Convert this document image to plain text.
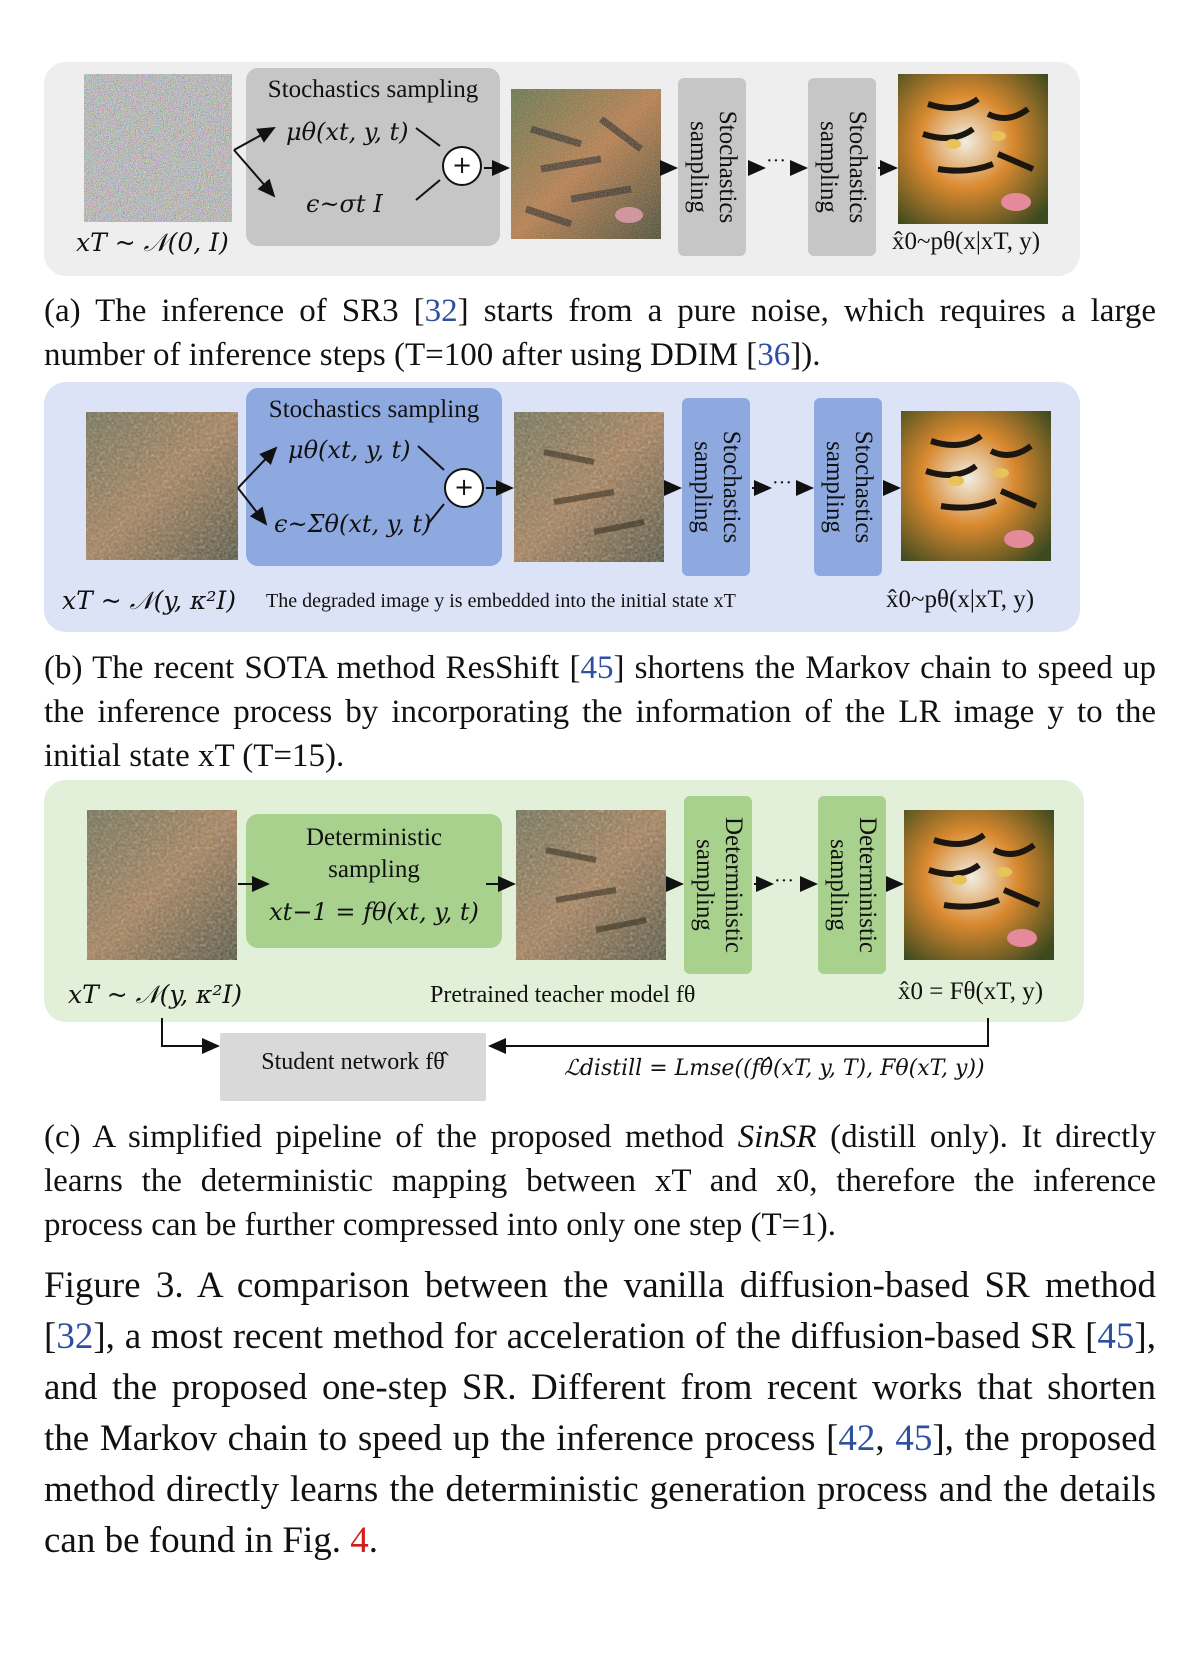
Stochastics sampling
μθ(xt, y, t)
ϵ~σt I
+	Stochastics sampling	···	Stochastics sampling
xT ~ 𝒩(0, I)	x̂0~pθ(x|xT, y)
(a) The inference of SR3 [32] starts from a pure noise, which requires a large number of inference steps (T=100 after using DDIM [36]).
Stochastics sampling
μθ(xt, y, t)
ϵ~Σθ(xt, y, t)
+	Stochastics sampling	···	Stochastics sampling
xT ~ 𝒩(y, κ²I) The degraded image y is embedded into the initial state xT	x̂0~pθ(x|xT, y)
(b) The recent SOTA method ResShift [45] shortens the Markov chain to speed up the inference process by incorporating the information of the LR image y to the initial state xT (T=15).
Deterministic
sampling
xt−1 = fθ(xt, y, t)	Deterministic sampling	···	Deterministic sampling
xT ~ 𝒩(y, κ²I)	Pretrained teacher model fθ	x̂0 = Fθ(xT, y)
Student network fθ̂	ℒdistill = Lmse((fθ̂(xT, y, T), Fθ(xT, y))
(c) A simplified pipeline of the proposed method SinSR (distill only). It directly learns the deterministic mapping between xT and x0, therefore the inference process can be further compressed into only one step (T=1).
Figure 3. A comparison between the vanilla diffusion-based SR method [32], a most recent method for acceleration of the diffusion-based SR [45], and the proposed one-step SR. Different from recent works that shorten the Markov chain to speed up the inference process [42, 45], the proposed method directly learns the deterministic generation process and the details can be found in Fig. 4.
